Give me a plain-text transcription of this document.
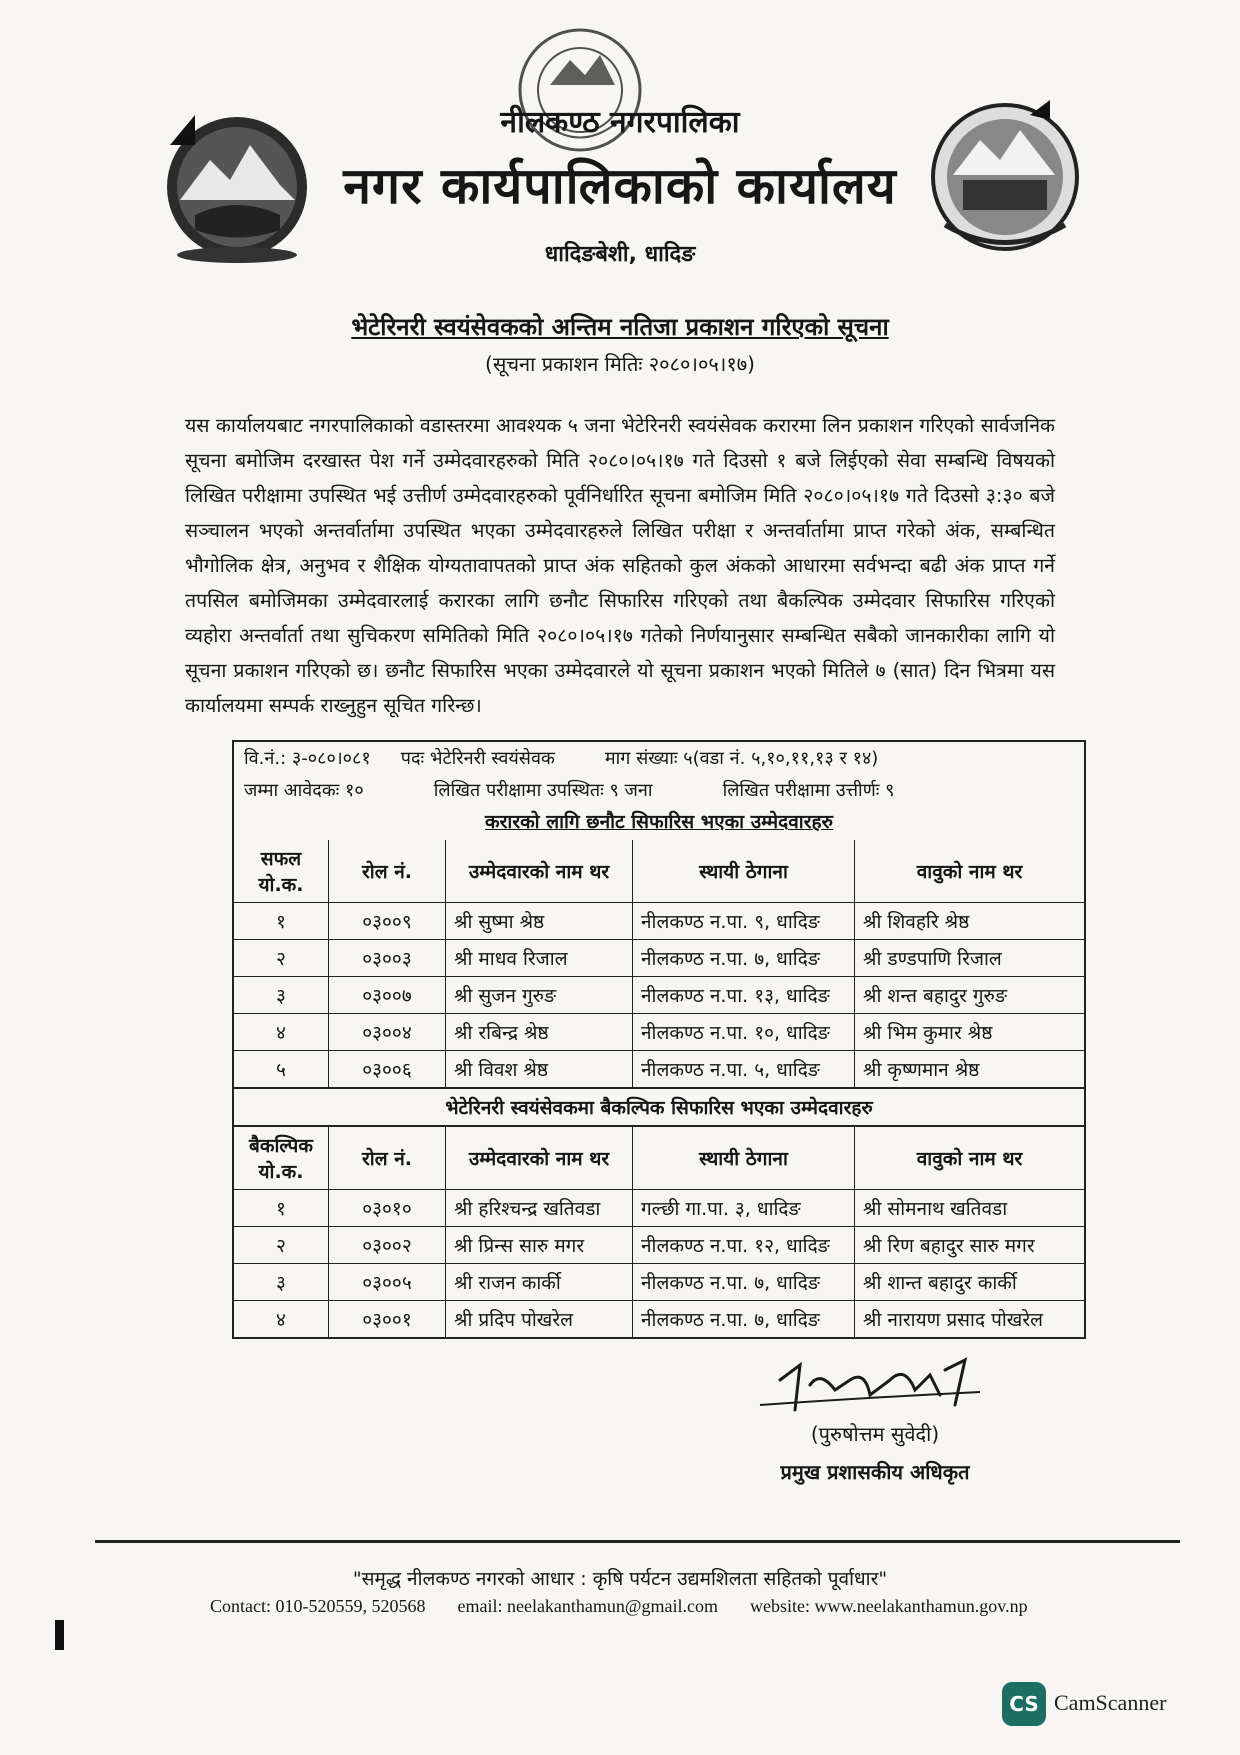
नीलकण्ठ नगरपालिका
नगर कार्यपालिकाको कार्यालय
धादिङबेशी, धादिङ
भेटेरिनरी स्वयंसेवकको अन्तिम नतिजा प्रकाशन गरिएको सूचना
(सूचना प्रकाशन मितिः २०८०।०५।१७)
यस कार्यालयबाट नगरपालिकाको वडास्तरमा आवश्यक ५ जना भेटेरिनरी स्वयंसेवक करारमा लिन प्रकाशन गरिएको सार्वजनिक सूचना बमोजिम दरखास्त पेश गर्ने उम्मेदवारहरुको मिति २०८०।०५।१७ गते दिउसो १ बजे लिईएको सेवा सम्बन्धि विषयको लिखित परीक्षामा उपस्थित भई उत्तीर्ण उम्मेदवारहरुको पूर्वनिर्धारित सूचना बमोजिम मिति २०८०।०५।१७ गते दिउसो ३:३० बजे सञ्चालन भएको अन्तर्वार्तामा उपस्थित भएका उम्मेदवारहरुले लिखित परीक्षा र अन्तर्वार्तामा प्राप्त गरेको अंक, सम्बन्धित भौगोलिक क्षेत्र, अनुभव र शैक्षिक योग्यतावापतको प्राप्त अंक सहितको कुल अंकको आधारमा सर्वभन्दा बढी अंक प्राप्त गर्ने तपसिल बमोजिमका उम्मेदवारलाई करारका लागि छनौट सिफारिस गरिएको तथा बैकल्पिक उम्मेदवार सिफारिस गरिएको व्यहोरा अन्तर्वार्ता तथा सुचिकरण समितिको मिति २०८०।०५।१७ गतेको निर्णयानुसार सम्बन्धित सबैको जानकारीका लागि यो सूचना प्रकाशन गरिएको छ। छनौट सिफारिस भएका उम्मेदवारले यो सूचना प्रकाशन भएको मितिले ७ (सात) दिन भित्रमा यस कार्यालयमा सम्पर्क राख्नुहुन सूचित गरिन्छ।
वि.नं.: ३-०८०।०८१ पदः भेटेरिनरी स्वयंसेवक	माग संख्याः ५(वडा नं. ५,१०,११,१३ र १४)
जम्मा आवेदकः १०	लिखित परीक्षामा उपस्थितः ९ जना	लिखित परीक्षामा उत्तीर्णः ९
करारको लागि छनौट सिफारिस भएका उम्मेदवारहरु
सफल यो.क.	रोल नं.	उम्मेदवारको नाम थर	स्थायी ठेगाना	वावुको नाम थर
१	०३००९	श्री सुष्मा श्रेष्ठ	नीलकण्ठ न.पा. ९, धादिङ	श्री शिवहरि श्रेष्ठ
२	०३००३	श्री माधव रिजाल	नीलकण्ठ न.पा. ७, धादिङ	श्री डण्डपाणि रिजाल
३	०३००७	श्री सुजन गुरुङ	नीलकण्ठ न.पा. १३, धादिङ	श्री शन्त बहादुर गुरुङ
४	०३००४	श्री रबिन्द्र श्रेष्ठ	नीलकण्ठ न.पा. १०, धादिङ	श्री भिम कुमार श्रेष्ठ
५	०३००६	श्री विवश श्रेष्ठ	नीलकण्ठ न.पा. ५, धादिङ	श्री कृष्णमान श्रेष्ठ
भेटेरिनरी स्वयंसेवकमा बैकल्पिक सिफारिस भएका उम्मेदवारहरु
बैकल्पिक यो.क.	रोल नं.	उम्मेदवारको नाम थर	स्थायी ठेगाना	वावुको नाम थर
१	०३०१०	श्री हरिश्चन्द्र खतिवडा	गल्छी गा.पा. ३, धादिङ	श्री सोमनाथ खतिवडा
२	०३००२	श्री प्रिन्स सारु मगर	नीलकण्ठ न.पा. १२, धादिङ	श्री रिण बहादुर सारु मगर
३	०३००५	श्री राजन कार्की	नीलकण्ठ न.पा. ७, धादिङ	श्री शान्त बहादुर कार्की
४	०३००१	श्री प्रदिप पोखरेल	नीलकण्ठ न.पा. ७, धादिङ	श्री नारायण प्रसाद पोखरेल
(पुरुषोत्तम सुवेदी)
प्रमुख प्रशासकीय अधिकृत
"समृद्ध नीलकण्ठ नगरको आधार : कृषि पर्यटन उद्यमशिलता सहितको पूर्वाधार"
Contact: 010-520559, 520568 email: neelakanthamun@gmail.com website: www.neelakanthamun.gov.np
CS CamScanner
